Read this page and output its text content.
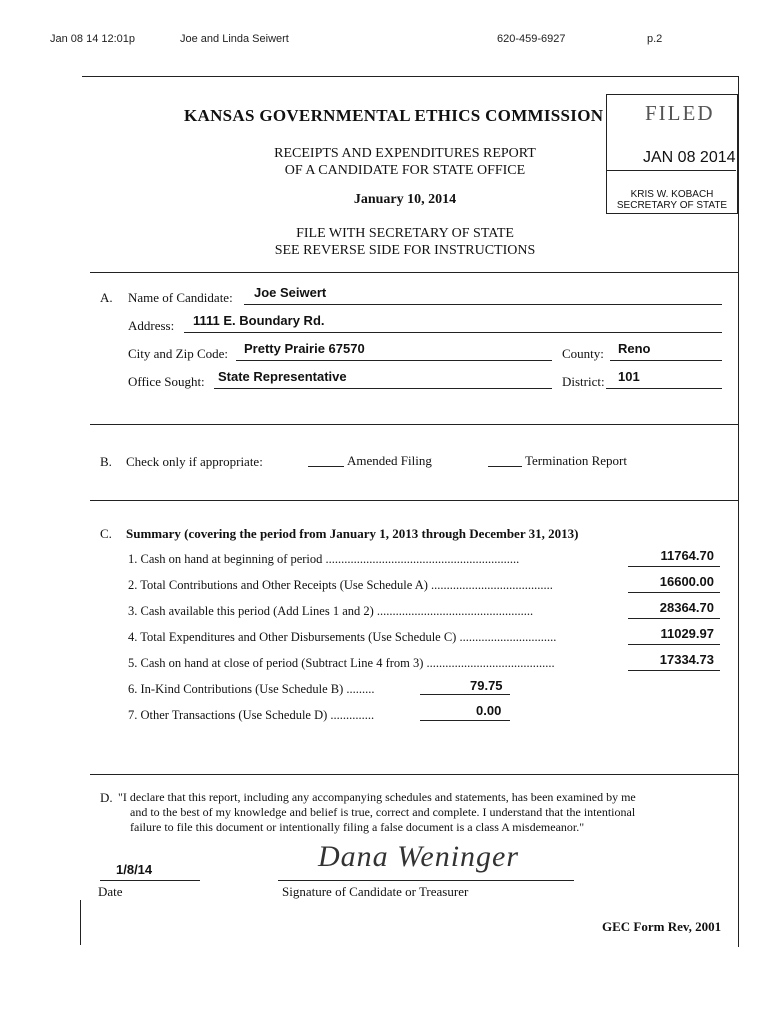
Jan 08 14 12:01p	Joe and Linda Seiwert	620-459-6927	p.2
KANSAS GOVERNMENTAL ETHICS COMMISSION
RECEIPTS AND EXPENDITURES REPORT
OF A CANDIDATE FOR STATE OFFICE
January 10, 2014
FILE WITH SECRETARY OF STATE
SEE REVERSE SIDE FOR INSTRUCTIONS
FILED
JAN 08 2014
KRIS W. KOBACH
SECRETARY OF STATE
A. Name of Candidate: Joe Seiwert
Address: 1111 E. Boundary Rd.
City and Zip Code: Pretty Prairie 67570	County: Reno
Office Sought: State Representative	District: 101
B. Check only if appropriate:	Amended Filing	Termination Report
C. Summary (covering the period from January 1, 2013 through December 31, 2013)
1. Cash on hand at beginning of period ..............................................................	11764.70
2. Total Contributions and Other Receipts (Use Schedule A) .......................................	16600.00
3. Cash available this period (Add Lines 1 and 2) ..................................................	28364.70
4. Total Expenditures and Other Disbursements (Use Schedule C) ...............................	11029.97
5. Cash on hand at close of period (Subtract Line 4 from 3) .........................................	17334.73
6. In-Kind Contributions (Use Schedule B) .........	79.75
7. Other Transactions (Use Schedule D) ..............	0.00
D. "I declare that this report, including any accompanying schedules and statements, has been examined by me
and to the best of my knowledge and belief is true, correct and complete. I understand that the intentional
failure to file this document or intentionally filing a false document is a class A misdemeanor."
1/8/14
Date
Dana Weninger
Signature of Candidate or Treasurer
GEC Form Rev, 2001
